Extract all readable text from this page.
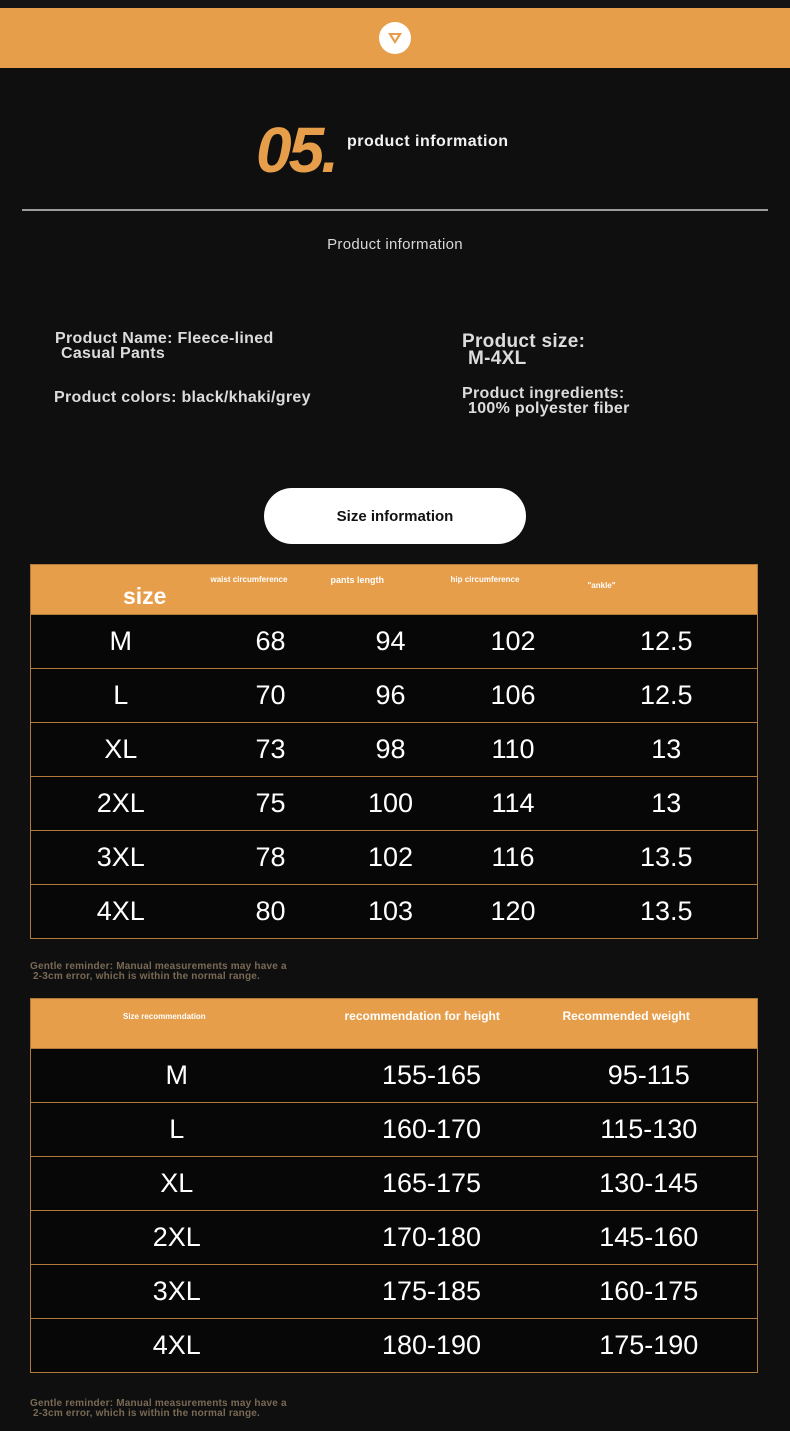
05. product information
Product information
Product Name: Fleece-lined
Casual Pants
Product colors: black/khaki/grey
Product size:
M-4XL
Product ingredients:
100% polyester fiber
Size information
size	waist circumference	pants length	hip circumference	"ankle"
M	68	94	102	12.5
L	70	96	106	12.5
XL	73	98	110	13
2XL	75	100	114	13
3XL	78	102	116	13.5
4XL	80	103	120	13.5
Gentle reminder: Manual measurements may have a
2-3cm error, which is within the normal range.
Size recommendation	recommendation for height	Recommended weight
M	155-165	95-115
L	160-170	115-130
XL	165-175	130-145
2XL	170-180	145-160
3XL	175-185	160-175
4XL	180-190	175-190
Gentle reminder: Manual measurements may have a
2-3cm error, which is within the normal range.
